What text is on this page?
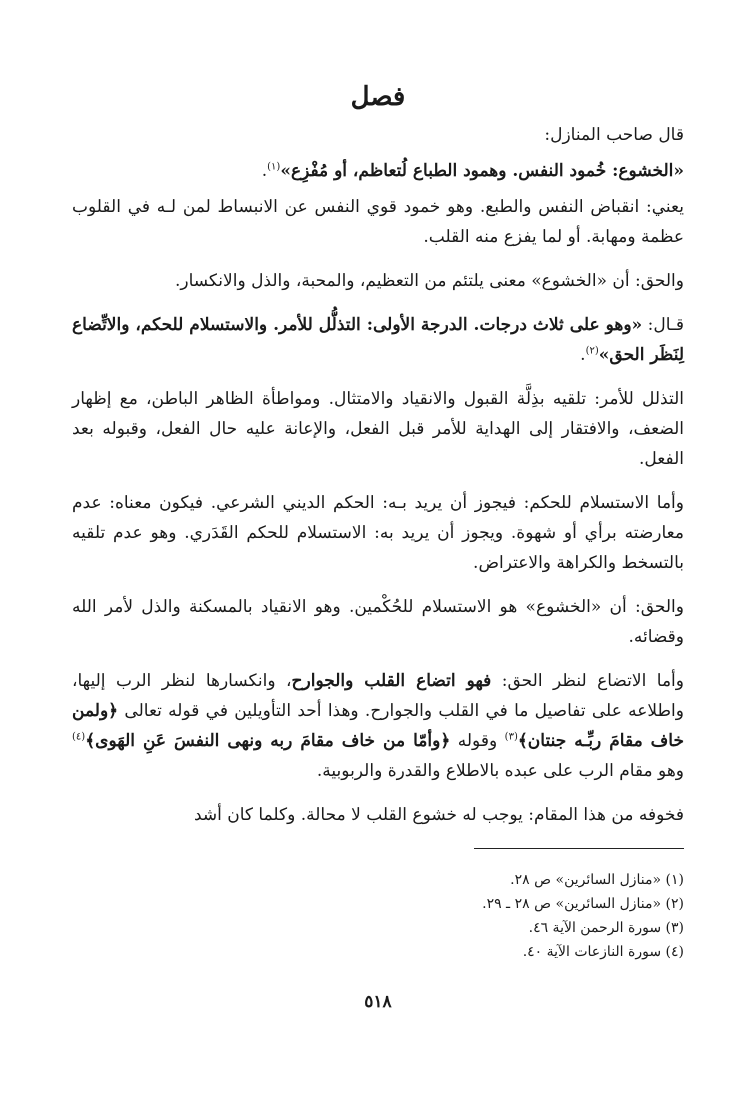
فصل

قال صاحب المنازل:

«الخشوع: خُمود النفس. وهمود الطباع لُتعاظم، أو مُفْزِع»$^{(١)}$.

يعني: انقباض النفس والطبع. وهو خمود قوي النفس عن الانبساط لمن لـه في القلوب عظمة ومهابة. أو لما يفزع منه القلب.

والحق: أن «الخشوع» معنى يلتئم من التعظيم، والمحبة، والذل والانكسار.

قـال: «وهو على ثلاث درجات. الدرجة الأولى: التذلُّل للأمر. والاستسلام للحكم، والاتِّضاع لِنَظَر الحق»$^{(٢)}$.

التذلل للأمر: تلقيه بذِلَّة القبول والانقياد والامتثال. ومواطأة الظاهر الباطن، مع إظهار الضعف، والافتقار إلى الهداية للأمر قبل الفعل، والإعانة عليه حال الفعل، وقبوله بعد الفعل.

وأما الاستسلام للحكم: فيجوز أن يريد بـه: الحكم الديني الشرعي. فيكون معناه: عدم معارضته برأي أو شهوة. ويجوز أن يريد به: الاستسلام للحكم القَدَري. وهو عدم تلقيه بالتسخط والكراهة والاعتراض.

والحق: أن «الخشوع» هو الاستسلام للحُكْمين. وهو الانقياد بالمسكنة والذل لأمر الله وقضائه.

وأما الاتضاع لنظر الحق: فهو اتضاع القلب والجوارح، وانكسارها لنظر الرب إليها، واطلاعه على تفاصيل ما في القلب والجوارح. وهذا أحد التأويلين في قوله تعالى ﴿ولمن خاف مقامَ ربِّـه جنتان﴾$^{(٣)}$ وقوله ﴿وأمّا من خاف مقامَ ربه ونهى النفسَ عَنِ الهَوى﴾$^{(٤)}$ وهو مقام الرب على عبده بالاطلاع والقدرة والربوبية.

فخوفه من هذا المقام: يوجب له خشوع القلب لا محالة. وكلما كان أشد

(١) «منازل السائرين» ص ٢٨.

(٢) «منازل السائرين» ص ٢٨ ـ ٢٩.

(٣) سورة الرحمن الآية ٤٦.

(٤) سورة النازعات الآية ٤٠.

٥١٨
